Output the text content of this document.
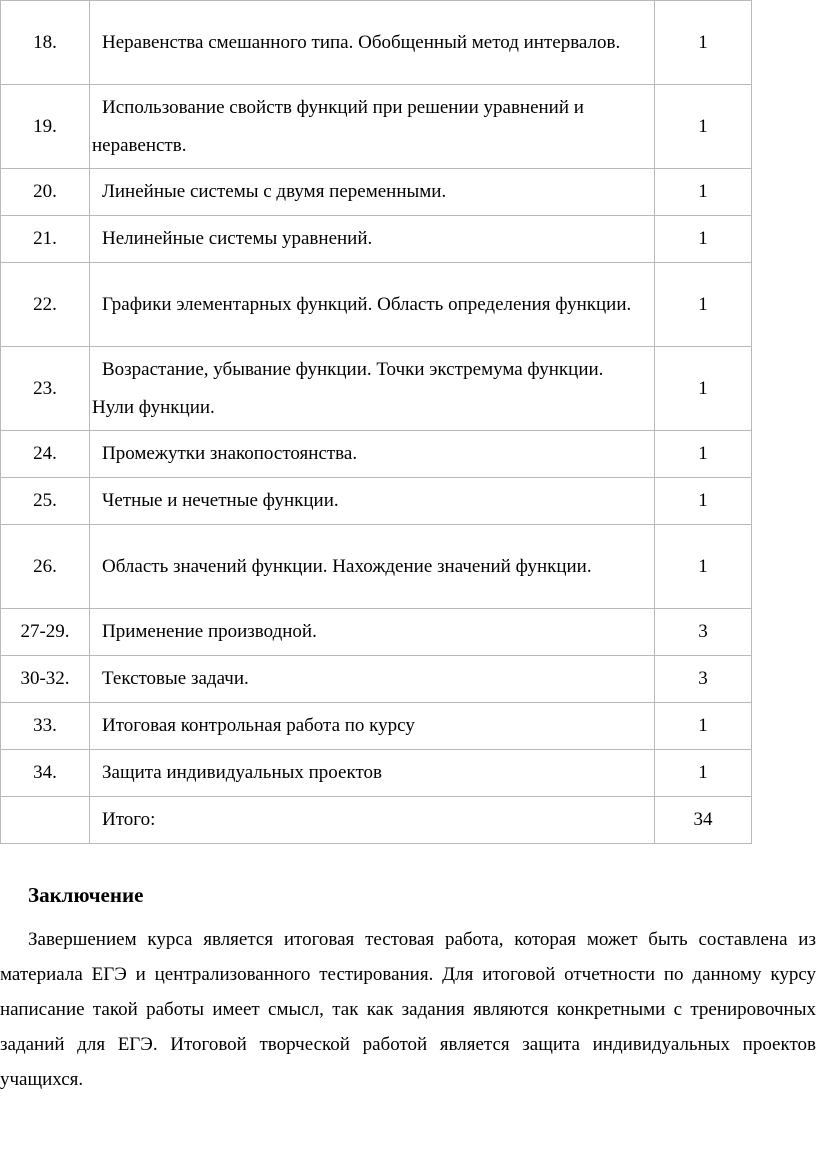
18.	Неравенства смешанного типа. Обобщенный метод интервалов.	1
19.	Использование свойств функций при решении уравнений и неравенств.	1
20.	Линейные системы с двумя переменными.	1
21.	Нелинейные системы уравнений.	1
22.	Графики элементарных функций. Область определения функции.	1
23.	Возрастание, убывание функции. Точки экстремума функции. Нули функции.	1
24.	Промежутки знакопостоянства.	1
25.	Четные и нечетные функции.	1
26.	Область значений функции. Нахождение значений функции.	1
27-29.	Применение производной.	3
30-32.	Текстовые задачи.	3
33.	Итоговая контрольная работа по курсу	1
34.	Защита индивидуальных проектов	1

	Итого:	34
Заключение

Завершением курса является итоговая тестовая работа, которая может быть составлена из материала ЕГЭ и централизованного тестирования. Для итоговой отчетности по данному курсу написание такой работы имеет смысл, так как задания являются конкретными с тренировочных заданий для ЕГЭ. Итоговой творческой работой является защита индивидуальных проектов учащихся.
